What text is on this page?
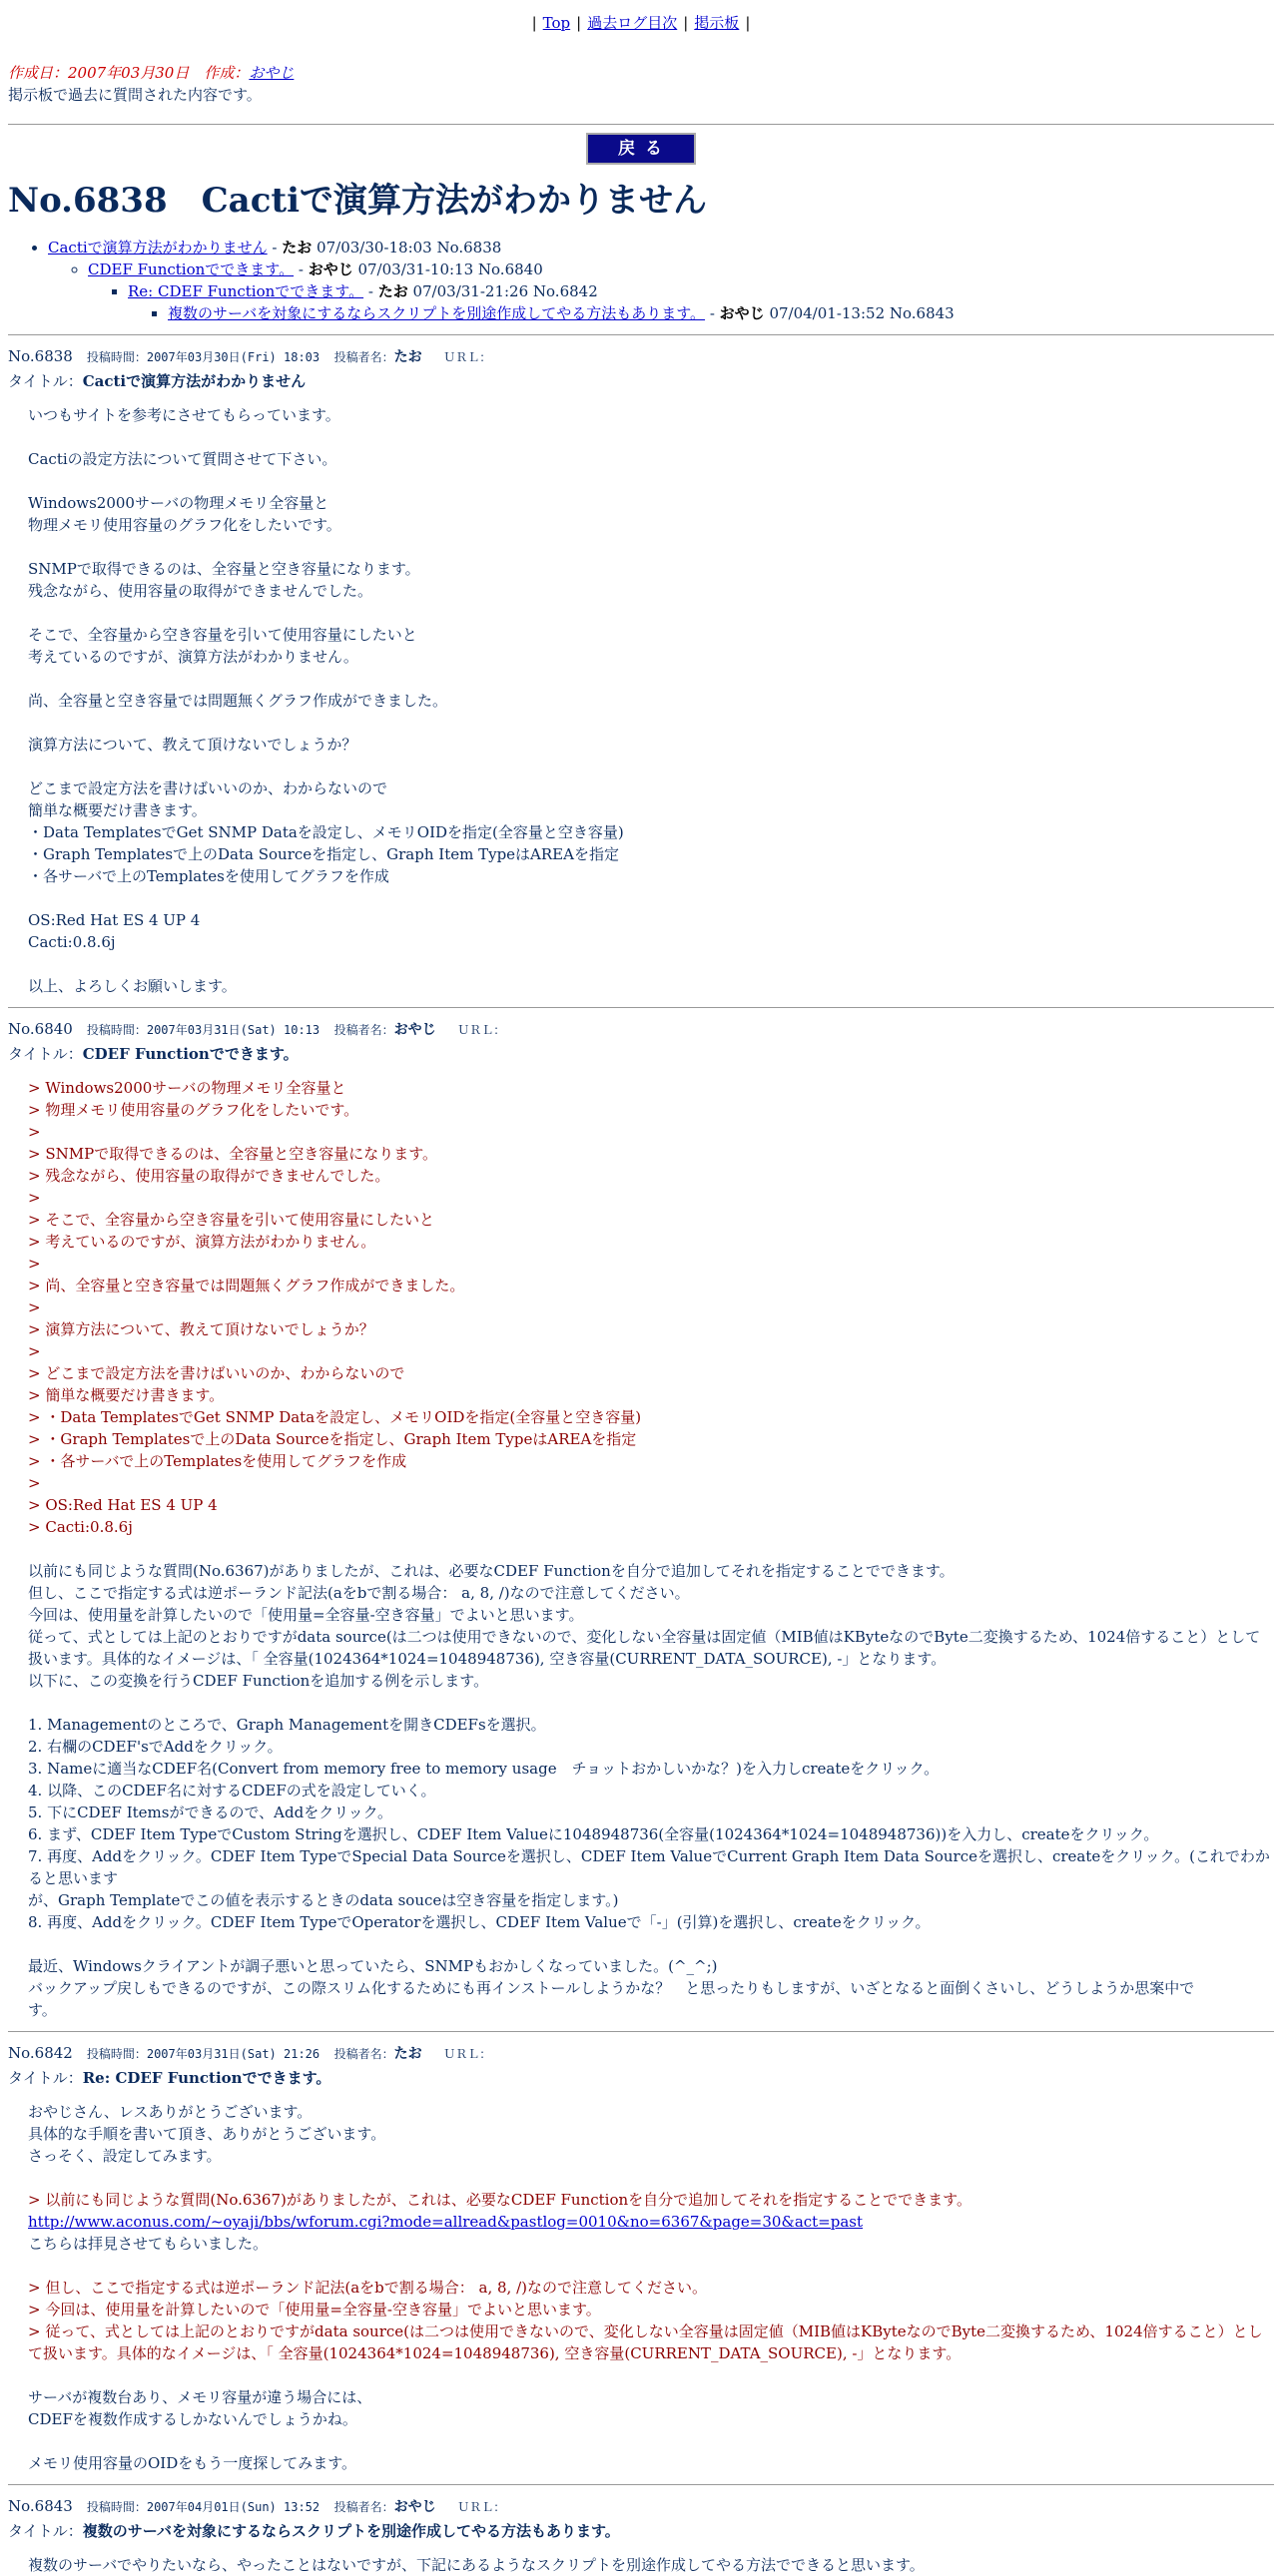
| Top | 過去ログ目次 | 掲示板 |
作成日：2007年03月30日　作成：おやじ
掲示板で過去に質問された内容です。
戻る
No.6838　Cactiで演算方法がわかりません
• Cactiで演算方法がわかりません - たお 07/03/30-18:03 No.6838
◦ CDEF Functionでできます。 - おやじ 07/03/31-10:13 No.6840
▪ Re: CDEF Functionでできます。 - たお 07/03/31-21:26 No.6842
▪ 複数のサーバを対象にするならスクリプトを別途作成してやる方法もあります。 - おやじ 07/04/01-13:52 No.6843
No.6838 投稿時間：2007年03月30日(Fri) 18:03 投稿者名：たお ＵＲＬ：
タイトル：Cactiで演算方法がわかりません
いつもサイトを参考にさせてもらっています。
Cactiの設定方法について質問させて下さい。
Windows2000サーバの物理メモリ全容量と
物理メモリ使用容量のグラフ化をしたいです。
SNMPで取得できるのは、全容量と空き容量になります。
残念ながら、使用容量の取得ができませんでした。
そこで、全容量から空き容量を引いて使用容量にしたいと
考えているのですが、演算方法がわかりません。
尚、全容量と空き容量では問題無くグラフ作成ができました。
演算方法について、教えて頂けないでしょうか？
どこまで設定方法を書けばいいのか、わからないので
簡単な概要だけ書きます。
・Data TemplatesでGet SNMP Dataを設定し、メモリOIDを指定(全容量と空き容量)
・Graph Templatesで上のData Sourceを指定し、Graph Item TypeはAREAを指定
・各サーバで上のTemplatesを使用してグラフを作成
OS:Red Hat ES 4 UP 4
Cacti:0.8.6j
以上、よろしくお願いします。
No.6840 投稿時間：2007年03月31日(Sat) 10:13 投稿者名：おやじ ＵＲＬ：
タイトル：CDEF Functionでできます。
> Windows2000サーバの物理メモリ全容量と
> 物理メモリ使用容量のグラフ化をしたいです。
>
> SNMPで取得できるのは、全容量と空き容量になります。
> 残念ながら、使用容量の取得ができませんでした。
>
> そこで、全容量から空き容量を引いて使用容量にしたいと
> 考えているのですが、演算方法がわかりません。
>
> 尚、全容量と空き容量では問題無くグラフ作成ができました。
>
> 演算方法について、教えて頂けないでしょうか？
>
> どこまで設定方法を書けばいいのか、わからないので
> 簡単な概要だけ書きます。
> ・Data TemplatesでGet SNMP Dataを設定し、メモリOIDを指定(全容量と空き容量)
> ・Graph Templatesで上のData Sourceを指定し、Graph Item TypeはAREAを指定
> ・各サーバで上のTemplatesを使用してグラフを作成
>
> OS:Red Hat ES 4 UP 4
> Cacti:0.8.6j
以前にも同じような質問(No.6367)がありましたが、これは、必要なCDEF Functionを自分で追加してそれを指定することでできます。
但し、ここで指定する式は逆ポーランド記法(aをbで割る場合： a, 8, /)なので注意してください。
今回は、使用量を計算したいので「使用量=全容量-空き容量」でよいと思います。
従って、式としては上記のとおりですがdata source(は二つは使用できないので、変化しない全容量は固定値（MIB値はKByteなのでByte二変換するため、1024倍すること）として
扱います。具体的なイメージは、「 全容量(1024364*1024=1048948736), 空き容量(CURRENT_DATA_SOURCE), -」となります。
以下に、この変換を行うCDEF Functionを追加する例を示します。
1. Managementのところで、Graph Managementを開きCDEFsを選択。
2. 右欄のCDEF'sでAddをクリック。
3. Nameに適当なCDEF名(Convert from memory free to memory usage　チョットおかしいかな？)を入力しcreateをクリック。
4. 以降、このCDEF名に対するCDEFの式を設定していく。
5. 下にCDEF Itemsができるので、Addをクリック。
6. まず、CDEF Item TypeでCustom Stringを選択し、CDEF Item Valueに1048948736(全容量(1024364*1024=1048948736))を入力し、createをクリック。
7. 再度、Addをクリック。CDEF Item TypeでSpecial Data Sourceを選択し、CDEF Item ValueでCurrent Graph Item Data Sourceを選択し、createをクリック。(これでわかると思います
が、Graph Templateでこの値を表示するときのdata souceは空き容量を指定します。)
8. 再度、Addをクリック。CDEF Item TypeでOperatorを選択し、CDEF Item Valueで「-」(引算)を選択し、createをクリック。
最近、Windowsクライアントが調子悪いと思っていたら、SNMPもおかしくなっていました。(^_^;)
バックアップ戻しもできるのですが、この際スリム化するためにも再インストールしようかな？　と思ったりもしますが、いざとなると面倒くさいし、どうしようか思案中で
す。
No.6842 投稿時間：2007年03月31日(Sat) 21:26 投稿者名：たお ＵＲＬ：
タイトル：Re: CDEF Functionでできます。
おやじさん、レスありがとうございます。
具体的な手順を書いて頂き、ありがとうございます。
さっそく、設定してみます。
> 以前にも同じような質問(No.6367)がありましたが、これは、必要なCDEF Functionを自分で追加してそれを指定することでできます。
http://www.aconus.com/~oyaji/bbs/wforum.cgi?mode=allread&pastlog=0010&no=6367&page=30&act=past
こちらは拝見させてもらいました。
> 但し、ここで指定する式は逆ポーランド記法(aをbで割る場合： a, 8, /)なので注意してください。
> 今回は、使用量を計算したいので「使用量=全容量-空き容量」でよいと思います。
> 従って、式としては上記のとおりですがdata source(は二つは使用できないので、変化しない全容量は固定値（MIB値はKByteなのでByte二変換するため、1024倍すること）とし
て扱います。具体的なイメージは、「 全容量(1024364*1024=1048948736), 空き容量(CURRENT_DATA_SOURCE), -」となります。
サーバが複数台あり、メモリ容量が違う場合には、
CDEFを複数作成するしかないんでしょうかね。
メモリ使用容量のOIDをもう一度探してみます。
No.6843 投稿時間：2007年04月01日(Sun) 13:52 投稿者名：おやじ ＵＲＬ：
タイトル：複数のサーバを対象にするならスクリプトを別途作成してやる方法もあります。
複数のサーバでやりたいなら、やったことはないですが、下記にあるようなスクリプトを別途作成してやる方法でできると思います。
